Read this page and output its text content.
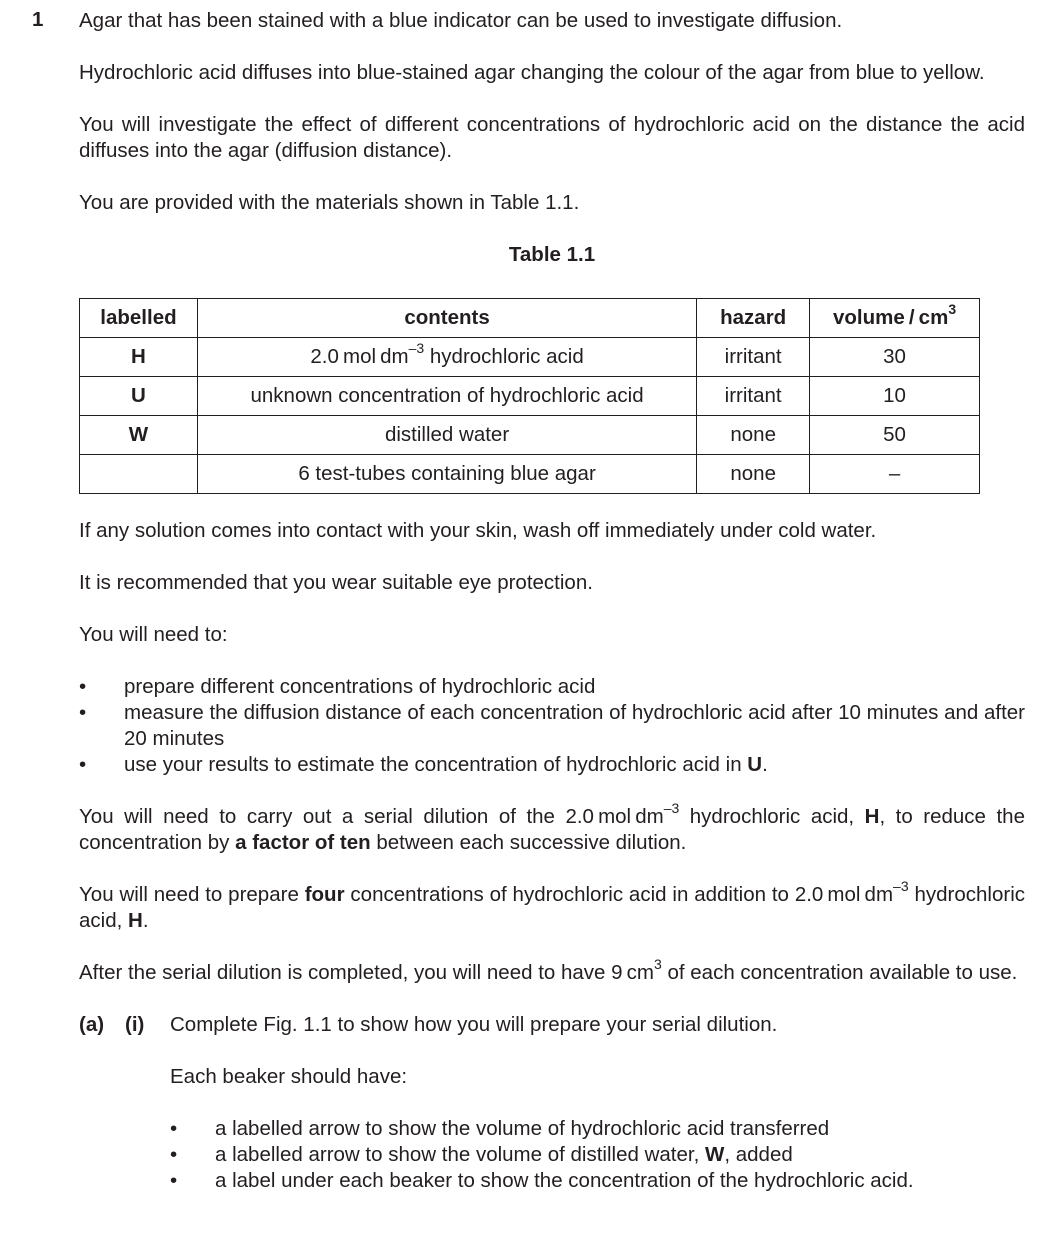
1 Agar that has been stained with a blue indicator can be used to investigate diffusion.

Hydrochloric acid diffuses into blue-stained agar changing the colour of the agar from blue to yellow.

You will investigate the effect of different concentrations of hydrochloric acid on the distance the acid diffuses into the agar (diffusion distance).

You are provided with the materials shown in Table 1.1.

Table 1.1

labelled	contents	hazard	volume / $cm^3$
H	2.0 mol $dm^{-3}$ hydrochloric acid	irritant	30
U	unknown concentration of hydrochloric acid	irritant	10
W	distilled water	none	50
	6 test-tubes containing blue agar	none	–

If any solution comes into contact with your skin, wash off immediately under cold water.

It is recommended that you wear suitable eye protection.

You will need to:

• prepare different concentrations of hydrochloric acid
• measure the diffusion distance of each concentration of hydrochloric acid after 10 minutes and after 20 minutes
• use your results to estimate the concentration of hydrochloric acid in U.

You will need to carry out a serial dilution of the 2.0 mol $dm^{-3}$ hydrochloric acid, H, to reduce the concentration by a factor of ten between each successive dilution.

You will need to prepare four concentrations of hydrochloric acid in addition to 2.0 mol $dm^{-3}$ hydrochloric acid, H.

After the serial dilution is completed, you will need to have 9 $cm^3$ of each concentration available to use.

(a)	(i)	Complete Fig. 1.1 to show how you will prepare your serial dilution.

Each beaker should have:

• a labelled arrow to show the volume of hydrochloric acid transferred
• a labelled arrow to show the volume of distilled water, W, added
• a label under each beaker to show the concentration of the hydrochloric acid.
